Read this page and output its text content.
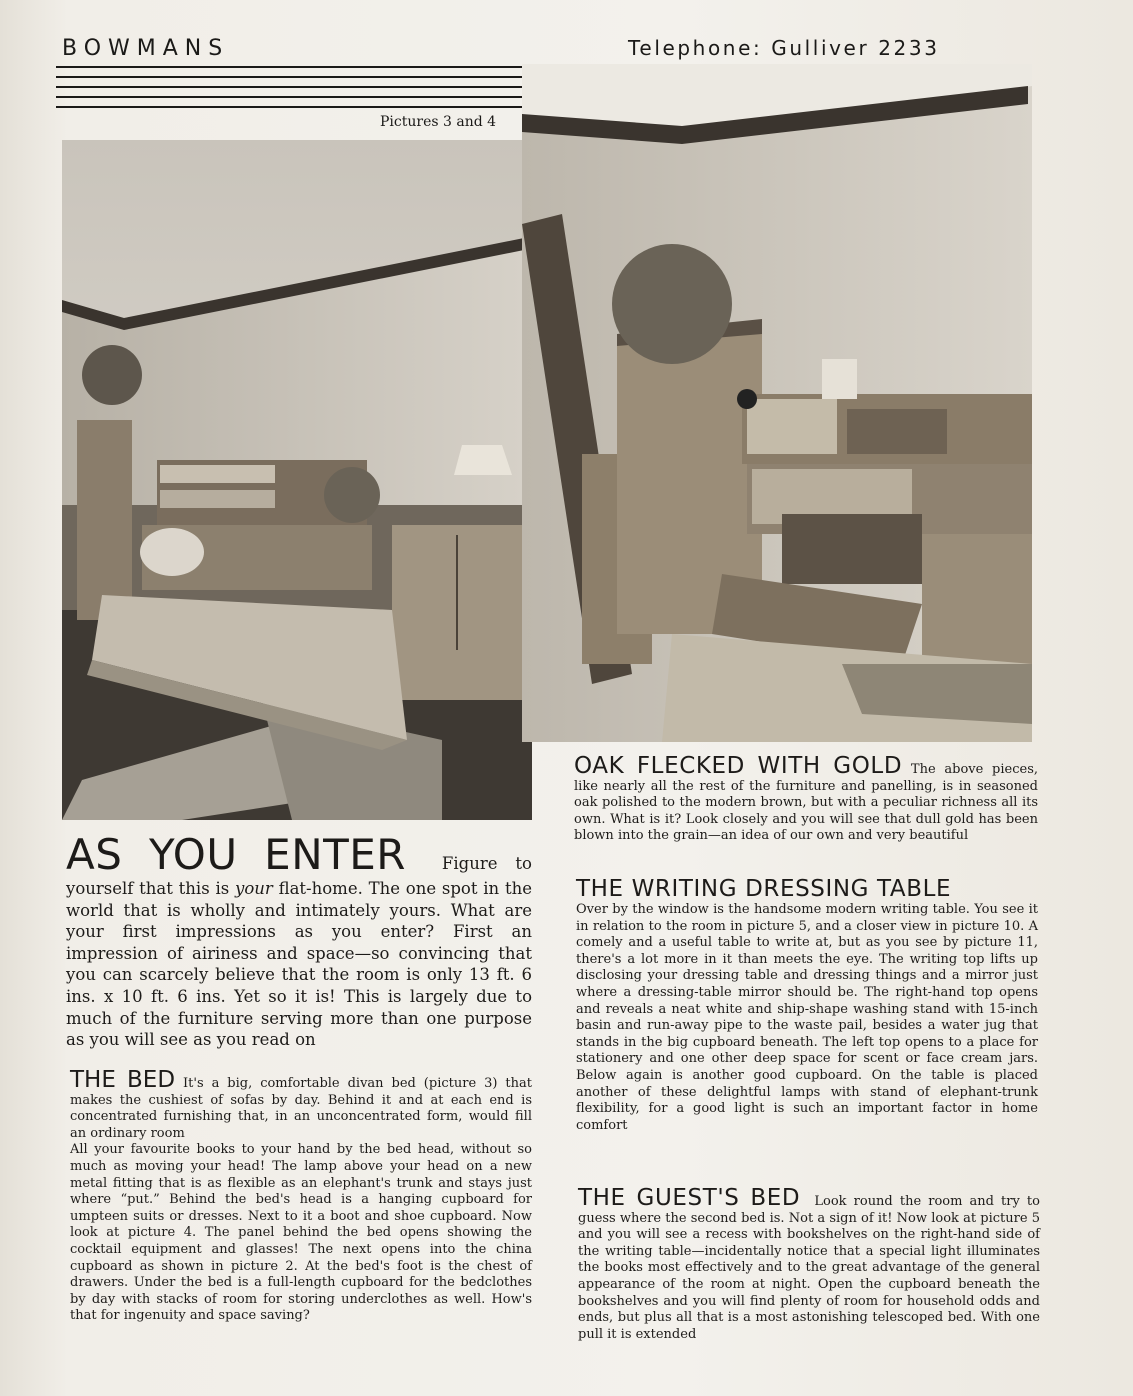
BOWMANS	Telephone: Gulliver 2233
Pictures 3 and 4

AS YOU ENTER Figure to yourself that this is your flat-home. The one spot in the world that is wholly and intimately yours. What are your first impressions as you enter? First an impression of airiness and space—so convincing that you can scarcely believe that the room is only 13 ft. 6 ins. x 10 ft. 6 ins. Yet so it is! This is largely due to much of the furniture serving more than one purpose as you will see as you read on

THE BED It's a big, comfortable divan bed (picture 3) that makes the cushiest of sofas by day. Behind it and at each end is concentrated furnishing that, in an unconcentrated form, would fill an ordinary room

All your favourite books to your hand by the bed head, without so much as moving your head! The lamp above your head on a new metal fitting that is as flexible as an elephant's trunk and stays just where “put.” Behind the bed's head is a hanging cupboard for umpteen suits or dresses. Next to it a boot and shoe cupboard. Now look at picture 4. The panel behind the bed opens showing the cocktail equipment and glasses! The next opens into the china cupboard as shown in picture 2. At the bed's foot is the chest of drawers. Under the bed is a full-length cupboard for the bedclothes by day with stacks of room for storing underclothes as well. How's that for ingenuity and space saving?

OAK FLECKED WITH GOLD The above pieces, like nearly all the rest of the furniture and panelling, is in seasoned oak polished to the modern brown, but with a peculiar richness all its own. What is it? Look closely and you will see that dull gold has been blown into the grain—an idea of our own and very beautiful

THE WRITING DRESSING TABLE

Over by the window is the handsome modern writing table. You see it in relation to the room in picture 5, and a closer view in picture 10. A comely and a useful table to write at, but as you see by picture 11, there's a lot more in it than meets the eye. The writing top lifts up disclosing your dressing table and dressing things and a mirror just where a dressing-table mirror should be. The right-hand top opens and reveals a neat white and ship-shape washing stand with 15-inch basin and run-away pipe to the waste pail, besides a water jug that stands in the big cupboard beneath. The left top opens to a place for stationery and one other deep space for scent or face cream jars. Below again is another good cupboard. On the table is placed another of these delightful lamps with stand of elephant-trunk flexibility, for a good light is such an important factor in home comfort

THE GUEST'S BED Look round the room and try to guess where the second bed is. Not a sign of it! Now look at picture 5 and you will see a recess with bookshelves on the right-hand side of the writing table—incidentally notice that a special light illuminates the books most effectively and to the great advantage of the general appearance of the room at night. Open the cupboard beneath the bookshelves and you will find plenty of room for household odds and ends, but plus all that is a most astonishing telescoped bed. With one pull it is extended
